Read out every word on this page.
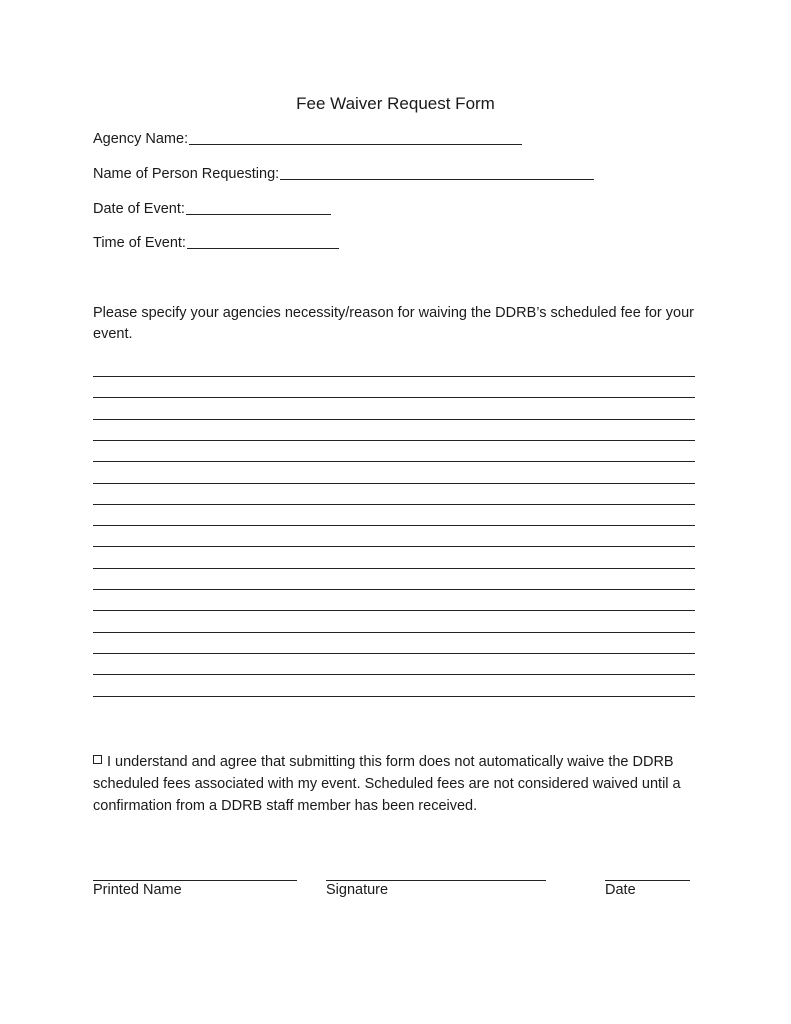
Fee Waiver Request Form
Agency Name:
Name of Person Requesting:
Date of Event:
Time of Event:
Please specify your agencies necessity/reason for waiving the DDRB’s scheduled fee for your event.
I understand and agree that submitting this form does not automatically waive the DDRB scheduled fees associated with my event. Scheduled fees are not considered waived until a confirmation from a DDRB staff member has been received.
Printed Name	Signature	Date
